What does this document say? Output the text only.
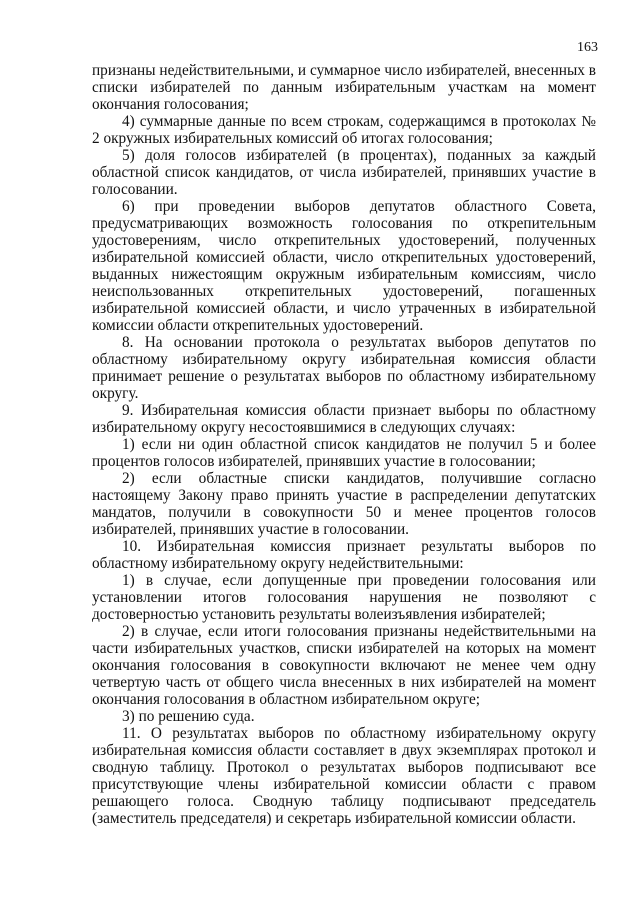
163

признаны недействительными, и суммарное число избирателей, внесенных в списки избирателей по данным избирательным участкам на момент окончания голосования;

4) суммарные данные по всем строкам, содержащимся в протоколах № 2 окружных избирательных комиссий об итогах голосования;

5) доля голосов избирателей (в процентах), поданных за каждый областной список кандидатов, от числа избирателей, принявших участие в голосовании.

6) при проведении выборов депутатов областного Совета, предусматривающих возможность голосования по открепительным удостоверениям, число открепительных удостоверений, полученных избирательной комиссией области, число открепительных удостоверений, выданных нижестоящим окружным избирательным комиссиям, число неиспользованных открепительных удостоверений, погашенных избирательной комиссией области, и число утраченных в избирательной комиссии области открепительных удостоверений.

8. На основании протокола о результатах выборов депутатов по областному избирательному округу избирательная комиссия области принимает решение о результатах выборов по областному избирательному округу.

9. Избирательная комиссия области признает выборы по областному избирательному округу несостоявшимися в следующих случаях:

1) если ни один областной список кандидатов не получил 5 и более процентов голосов избирателей, принявших участие в голосовании;

2) если областные списки кандидатов, получившие согласно настоящему Закону право принять участие в распределении депутатских мандатов, получили в совокупности 50 и менее процентов голосов избирателей, принявших участие в голосовании.

10. Избирательная комиссия признает результаты выборов по областному избирательному округу недействительными:

1) в случае, если допущенные при проведении голосования или установлении итогов голосования нарушения не позволяют с достоверностью установить результаты волеизъявления избирателей;

2) в случае, если итоги голосования признаны недействительными на части избирательных участков, списки избирателей на которых на момент окончания голосования в совокупности включают не менее чем одну четвертую часть от общего числа внесенных в них избирателей на момент окончания голосования в областном избирательном округе;

3) по решению суда.

11. О результатах выборов по областному избирательному округу избирательная комиссия области составляет в двух экземплярах протокол и сводную таблицу. Протокол о результатах выборов подписывают все присутствующие члены избирательной комиссии области с правом решающего голоса. Сводную таблицу подписывают председатель (заместитель председателя) и секретарь избирательной комиссии области.
